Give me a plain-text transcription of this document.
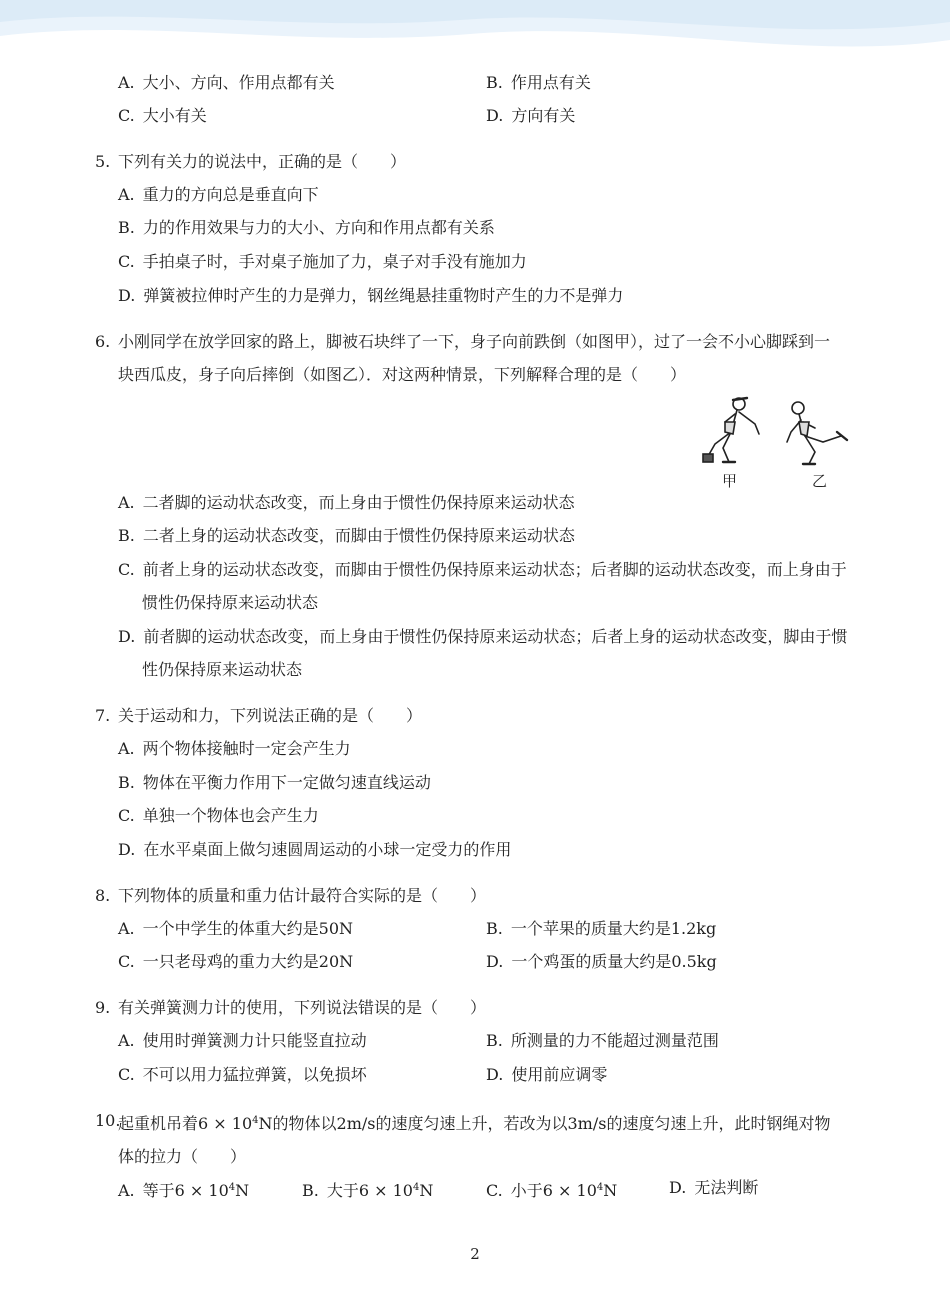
A. 大小、方向、作用点都有关	B. 作用点有关
C. 大小有关	D. 方向有关
5. 下列有关力的说法中，正确的是（　　）
A. 重力的方向总是垂直向下
B. 力的作用效果与力的大小、方向和作用点都有关系
C. 手拍桌子时，手对桌子施加了力，桌子对手没有施加力
D. 弹簧被拉伸时产生的力是弹力，钢丝绳悬挂重物时产生的力不是弹力
6. 小刚同学在放学回家的路上，脚被石块绊了一下，身子向前跌倒（如图甲），过了一会不小心脚踩到一块西瓜皮，身子向后摔倒（如图乙）．对这两种情景，下列解释合理的是（　　）
甲	乙
A. 二者脚的运动状态改变，而上身由于惯性仍保持原来运动状态
B. 二者上身的运动状态改变，而脚由于惯性仍保持原来运动状态
C. 前者上身的运动状态改变，而脚由于惯性仍保持原来运动状态；后者脚的运动状态改变，而上身由于惯性仍保持原来运动状态
D. 前者脚的运动状态改变，而上身由于惯性仍保持原来运动状态；后者上身的运动状态改变，脚由于惯性仍保持原来运动状态
7. 关于运动和力，下列说法正确的是（　　）
A. 两个物体接触时一定会产生力
B. 物体在平衡力作用下一定做匀速直线运动
C. 单独一个物体也会产生力
D. 在水平桌面上做匀速圆周运动的小球一定受力的作用
8. 下列物体的质量和重力估计最符合实际的是（　　）
A. 一个中学生的体重大约是50N	B. 一个苹果的质量大约是1.2kg
C. 一只老母鸡的重力大约是20N	D. 一个鸡蛋的质量大约是0.5kg
9. 有关弹簧测力计的使用，下列说法错误的是（　　）
A. 使用时弹簧测力计只能竖直拉动	B. 所测量的力不能超过测量范围
C. 不可以用力猛拉弹簧，以免损坏	D. 使用前应调零
10.
起重机吊着$6 \times 10^4N$的物体以2m/s的速度匀速上升，若改为以3m/s的速度匀速上升，此时钢绳对物体的拉力（　　）
A. 等于$6 \times 10^4N$	B. 大于$6 \times 10^4N$	C. 小于$6 \times 10^4N$	D. 无法判断
2
